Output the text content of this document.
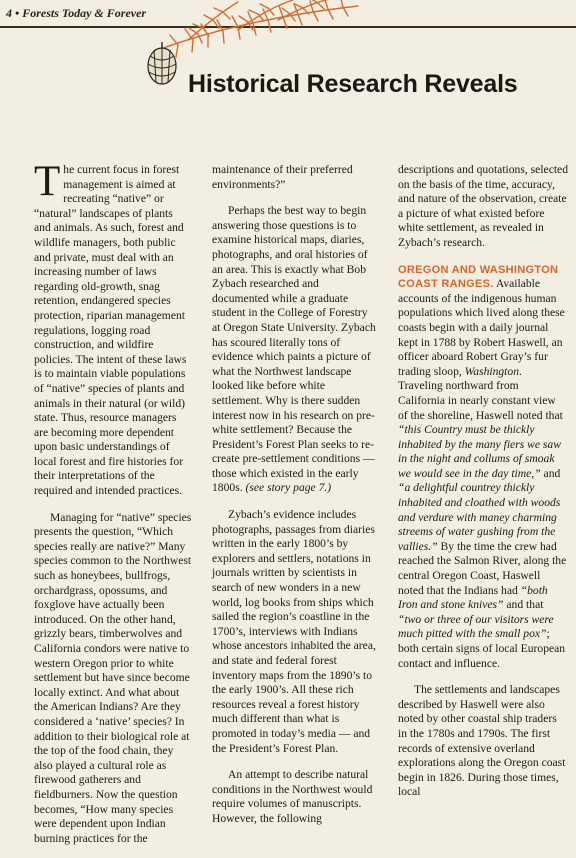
4 • Forests Today & Forever
Historical Research Reveals

The current focus in forest management is aimed at recreating “native” or “natural” landscapes of plants and animals. As such, forest and wildlife managers, both public and private, must deal with an increasing number of laws regarding old-growth, snag retention, endangered species protection, riparian management regulations, logging road construction, and wildfire policies. The intent of these laws is to maintain viable populations of “native” species of plants and animals in their natural (or wild) state. Thus, resource managers are becoming more dependent upon basic understandings of local forest and fire histories for their interpretations of the required and intended practices.

Managing for “native” species presents the question, “Which species really are native?” Many species common to the Northwest such as honeybees, bullfrogs, orchardgrass, opossums, and foxglove have actually been introduced. On the other hand, grizzly bears, timberwolves and California condors were native to western Oregon prior to white settlement but have since become locally extinct. And what about the American Indians? Are they considered a ‘native’ species? In addition to their biological role at the top of the food chain, they also played a cultural role as firewood gatherers and fieldburners. Now the question becomes, “How many species were dependent upon Indian burning practices for the

maintenance of their preferred environments?”

Perhaps the best way to begin answering those questions is to examine historical maps, diaries, photographs, and oral histories of an area. This is exactly what Bob Zybach researched and documented while a graduate student in the College of Forestry at Oregon State University. Zybach has scoured literally tons of evidence which paints a picture of what the Northwest landscape looked like before white settlement. Why is there sudden interest now in his research on pre-white settlement? Because the President’s Forest Plan seeks to re-create pre-settlement conditions — those which existed in the early 1800s. (see story page 7.)

Zybach’s evidence includes photographs, passages from diaries written in the early 1800’s by explorers and settlers, notations in journals written by scientists in search of new wonders in a new world, log books from ships which sailed the region’s coastline in the 1700’s, interviews with Indians whose ancestors inhabited the area, and state and federal forest inventory maps from the 1890’s to the early 1900’s. All these rich resources reveal a forest history much different than what is promoted in today’s media — and the President’s Forest Plan.

An attempt to describe natural conditions in the Northwest would require volumes of manuscripts. However, the following

descriptions and quotations, selected on the basis of the time, accuracy, and nature of the observation, create a picture of what existed before white settlement, as revealed in Zybach’s research.

OREGON AND WASHINGTON COAST RANGES. Available accounts of the indigenous human populations which lived along these coasts begin with a daily journal kept in 1788 by Robert Haswell, an officer aboard Robert Gray’s fur trading sloop, Washington. Traveling northward from California in nearly constant view of the shoreline, Haswell noted that “this Country must be thickly inhabited by the many fiers we saw in the night and collums of smoak we would see in the day time,” and “a delightful countrey thickly inhabited and cloathed with woods and verdure with maney charming streems of water gushing from the vallies.” By the time the crew had reached the Salmon River, along the central Oregon Coast, Haswell noted that the Indians had “both Iron and stone knives” and that “two or three of our visitors were much pitted with the small pox”; both certain signs of local European contact and influence.

The settlements and landscapes described by Haswell were also noted by other coastal ship traders in the 1780s and 1790s. The first records of extensive overland explorations along the Oregon coast begin in 1826. During those times, local
